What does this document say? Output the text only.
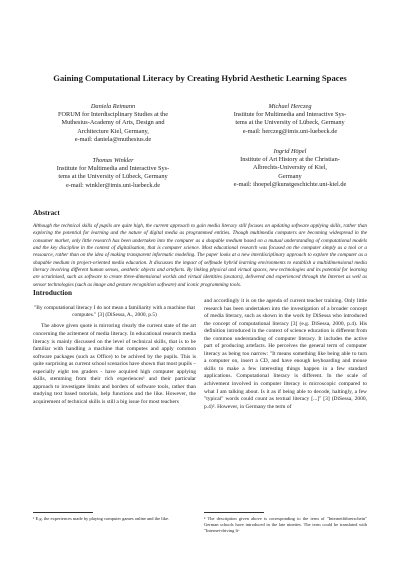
Gaining Computational Literacy by Creating Hybrid Aesthetic Learning Spaces
Daniela Reimann
FORUM for Interdisciplinary Studies at the
Muthesius-Academy of Arts, Design and
Architecture Kiel, Germany,
e-mail: daniela@muthesius.de
Michael Herczeg
Institute for Multimedia and Interactive Sys-
tems at the University of Lübeck, Germany
e-mail: herczeg@imis.uni-luebeck.de
Thomas Winkler
Institute for Multimedia and Interactive Sys-
tems at the University of Lübeck, Germany
e-mail: winkler@imis.uni-luebeck.de
Ingrid Höpel
Institute of Art History at the Christian-
Albrechts-University of Kiel,
Germany
e-mail: ihoepel@kunstgeschichte.uni-kiel.de
Abstract
Although the technical skills of pupils are quite high, the current approach to gain media literacy still focuses on updating software applying skills, rather than exploring the potential for learning and the nature of digital media as programmed entities. Though multimedia computers are becoming widespread in the consumer market, only little research has been undertaken into the computer as a shapable medium based on a mutual understanding of computational models and the key discipline in the context of digitalisation, that is computer science. Most educational research was focused on the computer simply as a tool or a ressource, rather than on the idea of making transparent informatic modeling. The paper looks at a new interdisciplinary approach to explore the computer as a shapable medium in project-oriented media education. It discusses the impact of selfmade hybrid learning environments to establish a multidimensional media literacy involving different human senses, aesthetic objects and artefacts. By linking physical and virtual spaces, new technologies and its potential for learning are scrutinised, such as software to create three-dimensional worlds and virtual identities (avatars), delivered and experienced through the Internet as well as sensor technologies (such as image and gesture recognition software) and iconic programming tools.
Introduction
"By computational literacy I do not mean a familiarity with a machine that computes." [3] (DiSessa, A., 2000, p.5)

The above given quote is mirroring clearly the current state of the art concerning the acitement of media literacy. In educational research media literacy is mainly discussed on the level of technical skills, that is to be familiar with handling a machine that computes and apply common software packages (such as Office) to be achived by the pupils. This is quite surprising as current school scenarios have shown that most pupils – especially eight ten graders - have acquired high computer applying skills, stemming from their rich experiences¹ and their particular approach to investigate limits and borders of software tools, rather than studying text based tutorials, help functions and the like. However, the acquirement of technical skills is still a big issue for most teachers

and accordingly it is on the agenda of current teacher training. Only little research has been undertaken into the investigation of a broader concept of media literacy, such as shown in the work by DiSessa who introduced the concept of computational literacy [3] (e.g. DiSessa, 2000, p.4). His definition introduced in the context of science education is different from the common understanding of computer literacy. It includes the active part of producing artefacts. He perceives the general term of computer literacy as being too narrow: "It means something like being able to turn a computer on, insert a CD, and have enough keyboarding and mouse skills to make a few interesting things happen in a few standard applications. Computational literacy is different. In the scale of achivement involved in computer literacy is microscopic compared to what I am talking about. Is it as if being able to decode, haltingly, a few "typical" words could count as textual literacy [...]" [3] (DiSessa, 2000, p.4)². However, in Germany the term of

¹ E.g. the experiences made by playing computer games online and the like.	² The description given above is corresponding to the term of "Internetführerschein" German schools have introduced in the late nineties. The term could be translated with "Internet-driving li-
